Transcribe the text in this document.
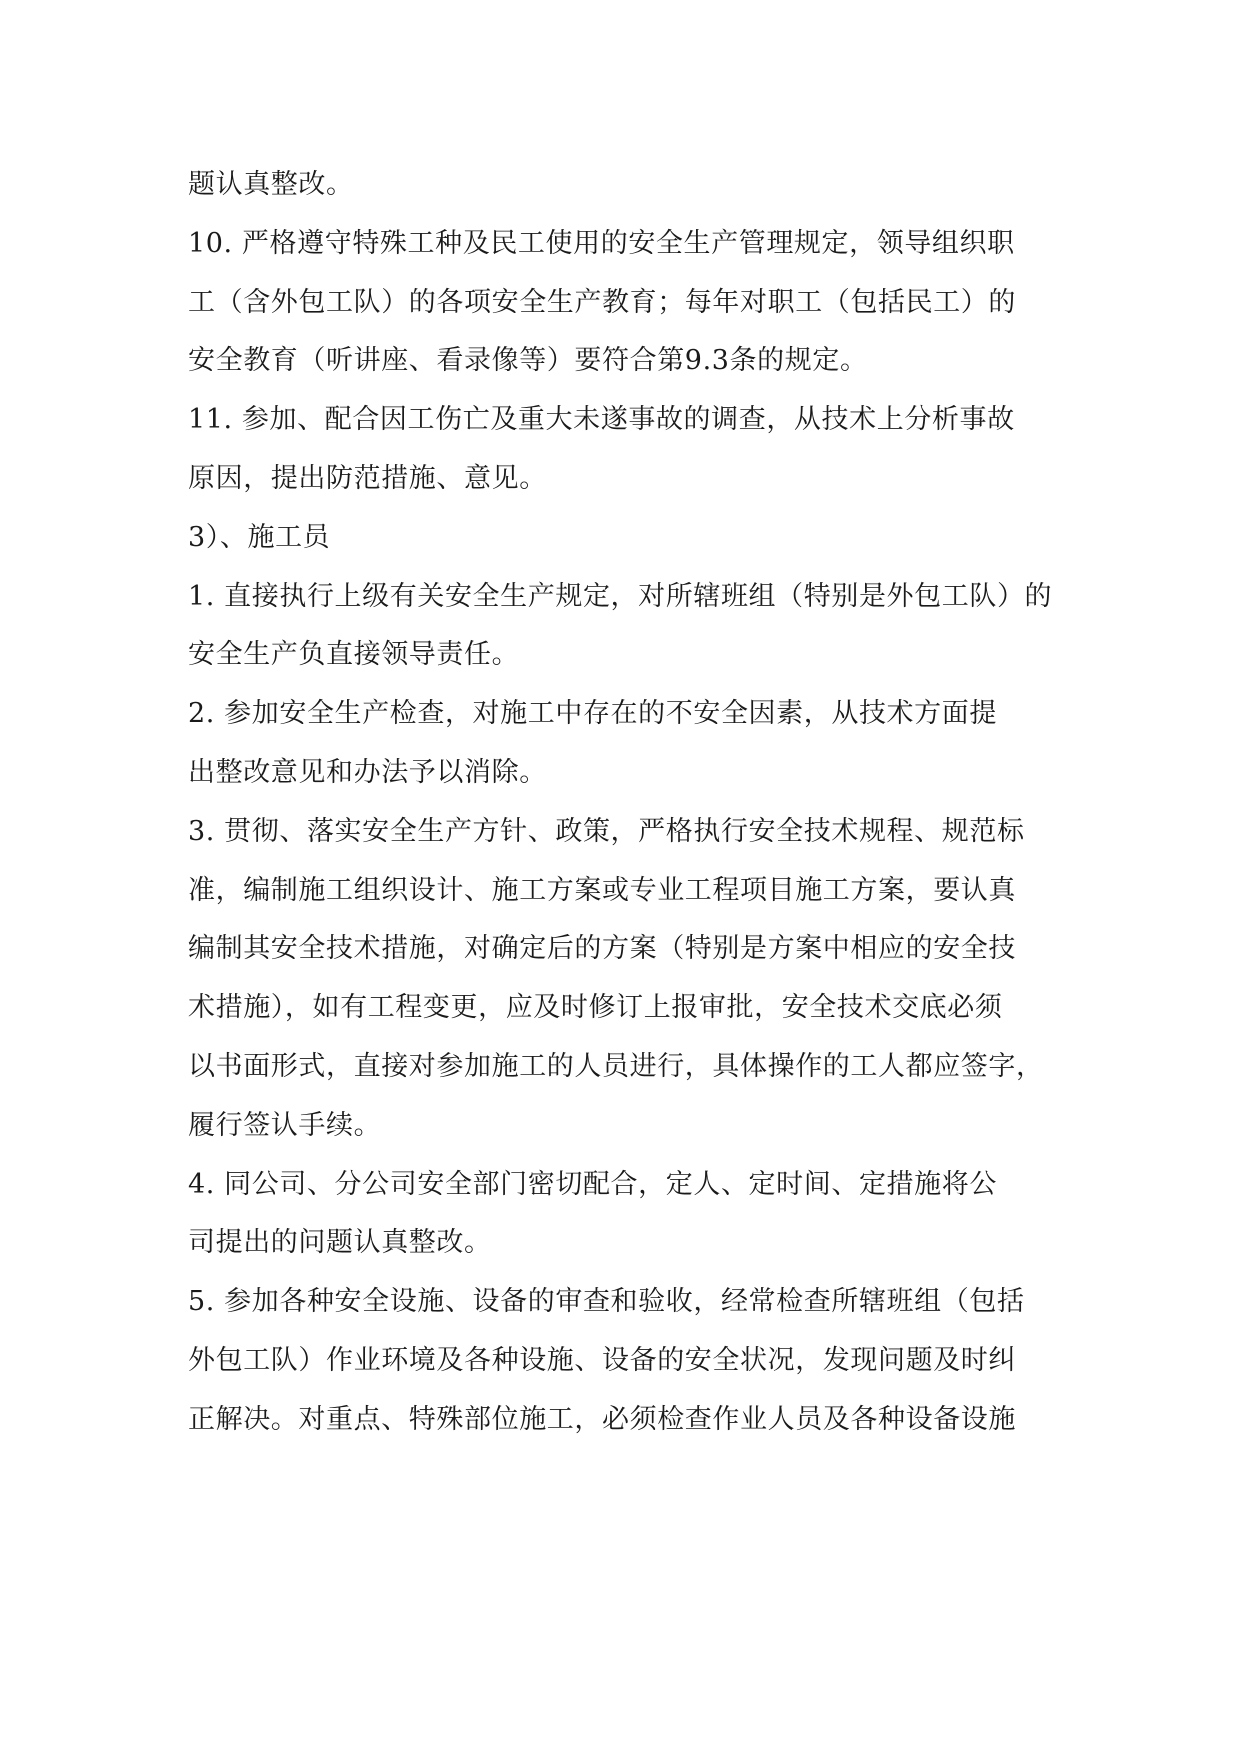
题认真整改。
10. 严格遵守特殊工种及民工使用的安全生产管理规定，领导组织职
工（含外包工队）的各项安全生产教育；每年对职工（包括民工）的
安全教育（听讲座、看录像等）要符合第9.3条的规定。
11. 参加、配合因工伤亡及重大未遂事故的调查，从技术上分析事故
原因，提出防范措施、意见。
3）、施工员
1. 直接执行上级有关安全生产规定，对所辖班组（特别是外包工队）的
安全生产负直接领导责任。
2. 参加安全生产检查，对施工中存在的不安全因素，从技术方面提
出整改意见和办法予以消除。
3. 贯彻、落实安全生产方针、政策，严格执行安全技术规程、规范标
准，编制施工组织设计、施工方案或专业工程项目施工方案，要认真
编制其安全技术措施，对确定后的方案（特别是方案中相应的安全技
术措施），如有工程变更，应及时修订上报审批，安全技术交底必须
以书面形式，直接对参加施工的人员进行，具体操作的工人都应签字，
履行签认手续。
4. 同公司、分公司安全部门密切配合，定人、定时间、定措施将公
司提出的问题认真整改。
5. 参加各种安全设施、设备的审查和验收，经常检查所辖班组（包括
外包工队）作业环境及各种设施、设备的安全状况，发现问题及时纠
正解决。对重点、特殊部位施工，必须检查作业人员及各种设备设施
